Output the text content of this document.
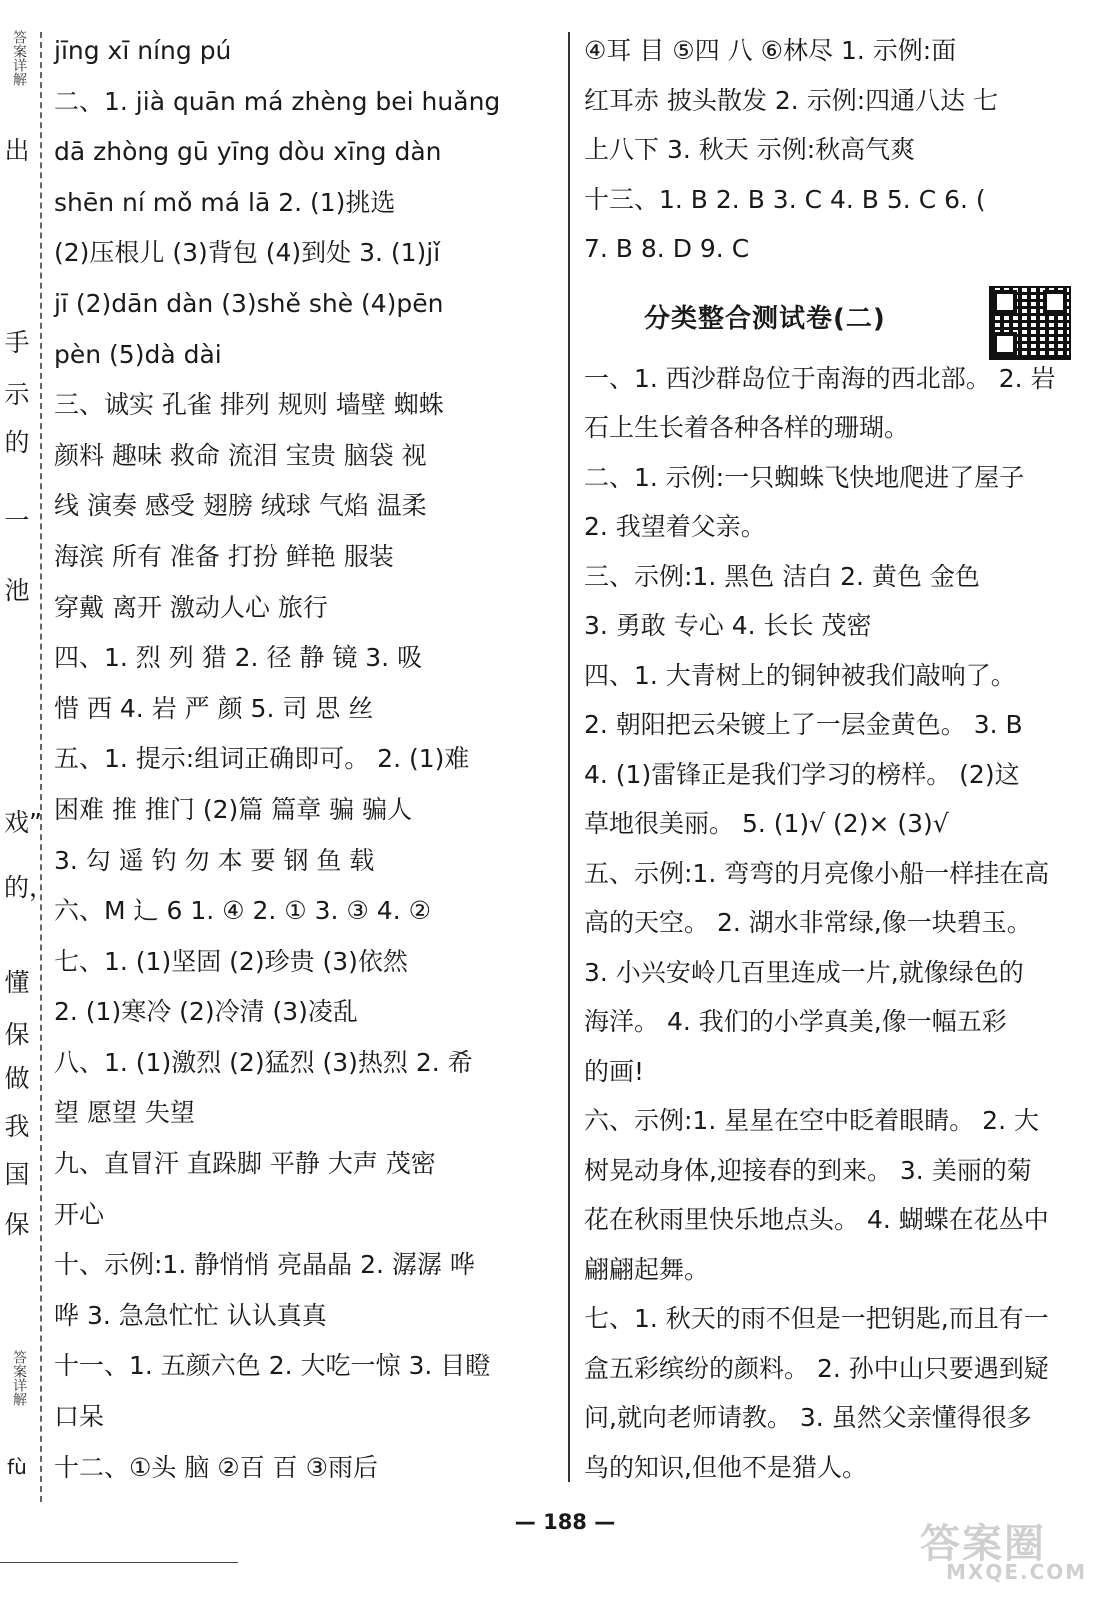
答案详解
出
手
示
的
一
池
戏”
的，
懂
保
做
我
国
保
答案详解
fù
jīng xī níng pú
二、1. jià quān má zhèng bei huǎng
dā zhòng gū yīng dòu xīng dàn
shēn ní mǒ má lā 2. (1)挑选
(2)压根儿 (3)背包 (4)到处 3. (1)jǐ
jī (2)dān dàn (3)shě shè (4)pēn
pèn (5)dà dài
三、诚实 孔雀 排列 规则 墙壁 蜘蛛
颜料 趣味 救命 流泪 宝贵 脑袋 视
线 演奏 感受 翅膀 绒球 气焰 温柔
海滨 所有 准备 打扮 鲜艳 服装
穿戴 离开 激动人心 旅行
四、1. 烈 列 猎 2. 径 静 镜 3. 吸
惜 西 4. 岩 严 颜 5. 司 思 丝
五、1. 提示:组词正确即可。 2. (1)难
困难 推 推门 (2)篇 篇章 骗 骗人
3. 勾 遥 钓 勿 本 要 钢 鱼 载
六、M 辶 6 1. ④ 2. ① 3. ③ 4. ②
七、1. (1)坚固 (2)珍贵 (3)依然
2. (1)寒冷 (2)冷清 (3)凌乱
八、1. (1)激烈 (2)猛烈 (3)热烈 2. 希
望 愿望 失望
九、直冒汗 直跺脚 平静 大声 茂密
开心
十、示例:1. 静悄悄 亮晶晶 2. 潺潺 哗
哗 3. 急急忙忙 认认真真
十一、1. 五颜六色 2. 大吃一惊 3. 目瞪
口呆
十二、①头 脑 ②百 百 ③雨后
④耳 目 ⑤四 八 ⑥林尽 1. 示例:面
红耳赤 披头散发 2. 示例:四通八达 七
上八下 3. 秋天 示例:秋高气爽
十三、1. B 2. B 3. C 4. B 5. C 6. (
7. B 8. D 9. C
分类整合测试卷(二)
一、1. 西沙群岛位于南海的西北部。 2. 岩
石上生长着各种各样的珊瑚。
二、1. 示例:一只蜘蛛飞快地爬进了屋子
2. 我望着父亲。
三、示例:1. 黑色 洁白 2. 黄色 金色
3. 勇敢 专心 4. 长长 茂密
四、1. 大青树上的铜钟被我们敲响了。
2. 朝阳把云朵镀上了一层金黄色。 3. B
4. (1)雷锋正是我们学习的榜样。 (2)这
草地很美丽。 5. (1)√ (2)× (3)√
五、示例:1. 弯弯的月亮像小船一样挂在高
高的天空。 2. 湖水非常绿,像一块碧玉。
3. 小兴安岭几百里连成一片,就像绿色的
海洋。 4. 我们的小学真美,像一幅五彩
的画!
六、示例:1. 星星在空中眨着眼睛。 2. 大
树晃动身体,迎接春的到来。 3. 美丽的菊
花在秋雨里快乐地点头。 4. 蝴蝶在花丛中
翩翩起舞。
七、1. 秋天的雨不但是一把钥匙,而且有一
盒五彩缤纷的颜料。 2. 孙中山只要遇到疑
问,就向老师请教。 3. 虽然父亲懂得很多
鸟的知识,但他不是猎人。
— 188 —	答案圈
MXQE.COM
